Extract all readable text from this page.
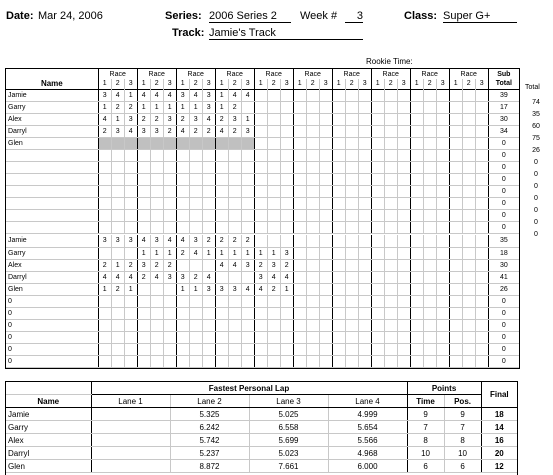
Date: Mar 24, 2006	Series: 2006 Series 2	Week #	3	Class: Super G+
Track: Jamie's Track
Rookie Time:
	Race			Race			Race			Race			Race			Race			Race			Race			Race			Race			Sub
Name	1	2	3	1	2	3	1	2	3	1	2	3	1	2	3	1	2	3	1	2	3	1	2	3	1	2	3	1	2	3	Total
Jamie	3	4	1	4	4	4	3	4	3	1	4	4																			39
Garry	1	2	2	1	1	1	1	1	3	1	2																				17
Alex	4	1	3	2	2	3	2	3	4	2	3	1																			30
Darryl	2	3	4	3	3	2	4	2	2	4	2	3																			34
Glen																															0
																															0
																															0
																															0
																															0
																															0
																															0
																															0

Jamie	3	3	3	4	3	4	4	3	2	2	2	2																			35
Garry				1	1	1	2	4	1	1	1	1	1	1	3																18
Alex	2	1	2	3	2	2				4	4	3	2	3	2																30
Darryl	4	4	4	2	4	3	3	2	4				3	4	4																41
Glen	1	2	1				1	1	3	3	3	4	4	2	1																26
0																															0
0																															0
0																															0
0																															0
0																															0
0																															0
Total
74
35
60
75
26
0
0
0
0
0
0
0
	Fastest Personal Lap				Points		Final
Name	Lane 1	Lane 2	Lane 3	Lane 4	Time	Pos.	
Jamie		5.325	5.025	4.999	9	9	18
Garry		6.242	6.558	5.654	7	7	14
Alex		5.742	5.699	5.566	8	8	16
Darryl		5.237	5.023	4.968	10	10	20
Glen		8.872	7.661	6.000	6	6	12
